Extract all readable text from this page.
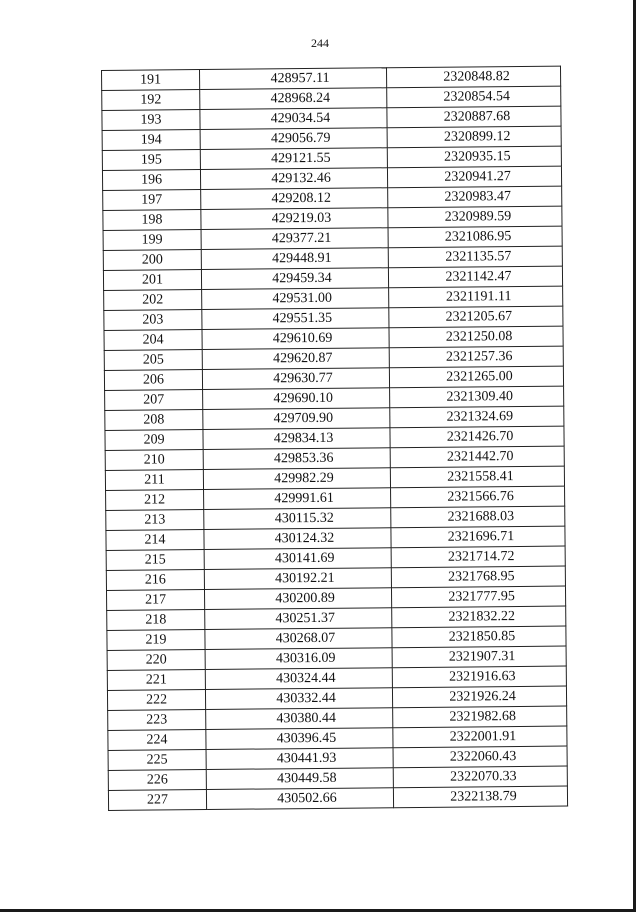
244
191	428957.11	2320848.82
192	428968.24	2320854.54
193	429034.54	2320887.68
194	429056.79	2320899.12
195	429121.55	2320935.15
196	429132.46	2320941.27
197	429208.12	2320983.47
198	429219.03	2320989.59
199	429377.21	2321086.95
200	429448.91	2321135.57
201	429459.34	2321142.47
202	429531.00	2321191.11
203	429551.35	2321205.67
204	429610.69	2321250.08
205	429620.87	2321257.36
206	429630.77	2321265.00
207	429690.10	2321309.40
208	429709.90	2321324.69
209	429834.13	2321426.70
210	429853.36	2321442.70
211	429982.29	2321558.41
212	429991.61	2321566.76
213	430115.32	2321688.03
214	430124.32	2321696.71
215	430141.69	2321714.72
216	430192.21	2321768.95
217	430200.89	2321777.95
218	430251.37	2321832.22
219	430268.07	2321850.85
220	430316.09	2321907.31
221	430324.44	2321916.63
222	430332.44	2321926.24
223	430380.44	2321982.68
224	430396.45	2322001.91
225	430441.93	2322060.43
226	430449.58	2322070.33
227	430502.66	2322138.79
